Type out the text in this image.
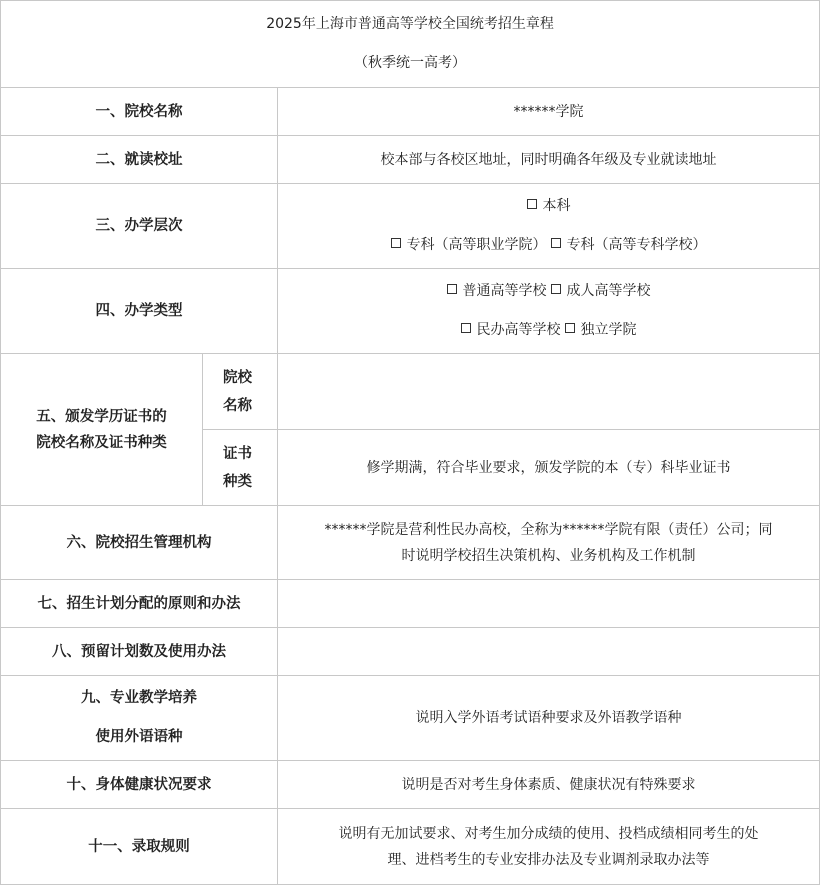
2025年上海市普通高等学校全国统考招生章程
（秋季统一高考）		

一、院校名称		******学院
二、就读校址		校本部与各校区地址，同时明确各年级及专业就读地址
三、办学层次		本科
专科（高等职业学院） 专科（高等专科学校）

四、办学类型		普通高等学校 成人高等学校
民办高等学校 独立学院

五、颁发学历证书的
院校名称及证书种类	院校
名称	

	证书
种类	修学期满，符合毕业要求，颁发学院的本（专）科毕业证书
六、院校招生管理机构		******学院是营利性民办高校，全称为******学院有限（责任）公司；同
时说明学校招生决策机构、业务机构及工作机制

七、招生计划分配的原则和办法		
八、预留计划数及使用办法		

九、专业教学培养
使用外语语种		说明入学外语考试语种要求及外语教学语种
十、身体健康状况要求		说明是否对考生身体素质、健康状况有特殊要求
十一、录取规则		说明有无加试要求、对考生加分成绩的使用、投档成绩相同考生的处
理、进档考生的专业安排办法及专业调剂录取办法等
